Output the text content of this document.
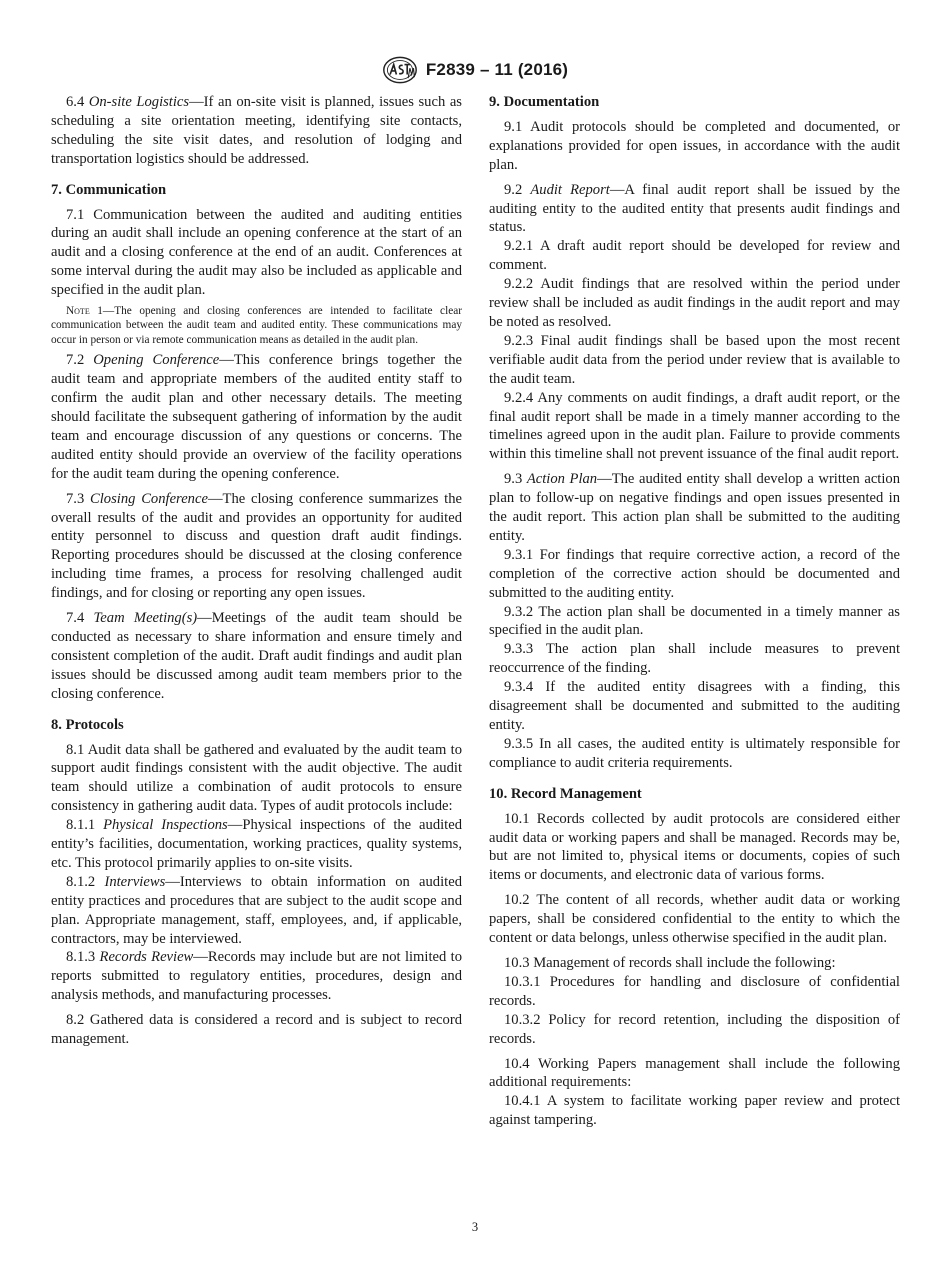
F2839 – 11 (2016)

6.4 On-site Logistics—If an on-site visit is planned, issues such as scheduling a site orientation meeting, identifying site contacts, scheduling the site visit dates, and resolution of lodging and transportation logistics should be addressed.

7. Communication

7.1 Communication between the audited and auditing entities during an audit shall include an opening conference at the start of an audit and a closing conference at the end of an audit. Conferences at some interval during the audit may also be included as applicable and specified in the audit plan.

Note 1—The opening and closing conferences are intended to facilitate clear communication between the audit team and audited entity. These communications may occur in person or via remote communication means as detailed in the audit plan.

7.2 Opening Conference—This conference brings together the audit team and appropriate members of the audited entity staff to confirm the audit plan and other necessary details. The meeting should facilitate the subsequent gathering of information by the audit team and encourage discussion of any questions or concerns. The audited entity should provide an overview of the facility operations for the audit team during the opening conference.

7.3 Closing Conference—The closing conference summarizes the overall results of the audit and provides an opportunity for audited entity personnel to discuss and question draft audit findings. Reporting procedures should be discussed at the closing conference including time frames, a process for resolving challenged audit findings, and for closing or reporting any open issues.

7.4 Team Meeting(s)—Meetings of the audit team should be conducted as necessary to share information and ensure timely and consistent completion of the audit. Draft audit findings and audit plan issues should be discussed among audit team members prior to the closing conference.

8. Protocols

8.1 Audit data shall be gathered and evaluated by the audit team to support audit findings consistent with the audit objective. The audit team should utilize a combination of audit protocols to ensure consistency in gathering audit data. Types of audit protocols include:

8.1.1 Physical Inspections—Physical inspections of the audited entity’s facilities, documentation, working practices, quality systems, etc. This protocol primarily applies to on-site visits.

8.1.2 Interviews—Interviews to obtain information on audited entity practices and procedures that are subject to the audit scope and plan. Appropriate management, staff, employees, and, if applicable, contractors, may be interviewed.

8.1.3 Records Review—Records may include but are not limited to reports submitted to regulatory entities, procedures, design and analysis methods, and manufacturing processes.

8.2 Gathered data is considered a record and is subject to record management.

9. Documentation

9.1 Audit protocols should be completed and documented, or explanations provided for open issues, in accordance with the audit plan.

9.2 Audit Report—A final audit report shall be issued by the auditing entity to the audited entity that presents audit findings and status.

9.2.1 A draft audit report should be developed for review and comment.

9.2.2 Audit findings that are resolved within the period under review shall be included as audit findings in the audit report and may be noted as resolved.

9.2.3 Final audit findings shall be based upon the most recent verifiable audit data from the period under review that is available to the audit team.

9.2.4 Any comments on audit findings, a draft audit report, or the final audit report shall be made in a timely manner according to the timelines agreed upon in the audit plan. Failure to provide comments within this timeline shall not prevent issuance of the final audit report.

9.3 Action Plan—The audited entity shall develop a written action plan to follow-up on negative findings and open issues presented in the audit report. This action plan shall be submitted to the auditing entity.

9.3.1 For findings that require corrective action, a record of the completion of the corrective action should be documented and submitted to the auditing entity.

9.3.2 The action plan shall be documented in a timely manner as specified in the audit plan.

9.3.3 The action plan shall include measures to prevent reoccurrence of the finding.

9.3.4 If the audited entity disagrees with a finding, this disagreement shall be documented and submitted to the auditing entity.

9.3.5 In all cases, the audited entity is ultimately responsible for compliance to audit criteria requirements.

10. Record Management

10.1 Records collected by audit protocols are considered either audit data or working papers and shall be managed. Records may be, but are not limited to, physical items or documents, copies of such items or documents, and electronic data of various forms.

10.2 The content of all records, whether audit data or working papers, shall be considered confidential to the entity to which the content or data belongs, unless otherwise specified in the audit plan.

10.3 Management of records shall include the following:

10.3.1 Procedures for handling and disclosure of confidential records.

10.3.2 Policy for record retention, including the disposition of records.

10.4 Working Papers management shall include the following additional requirements:

10.4.1 A system to facilitate working paper review and protect against tampering.

3
